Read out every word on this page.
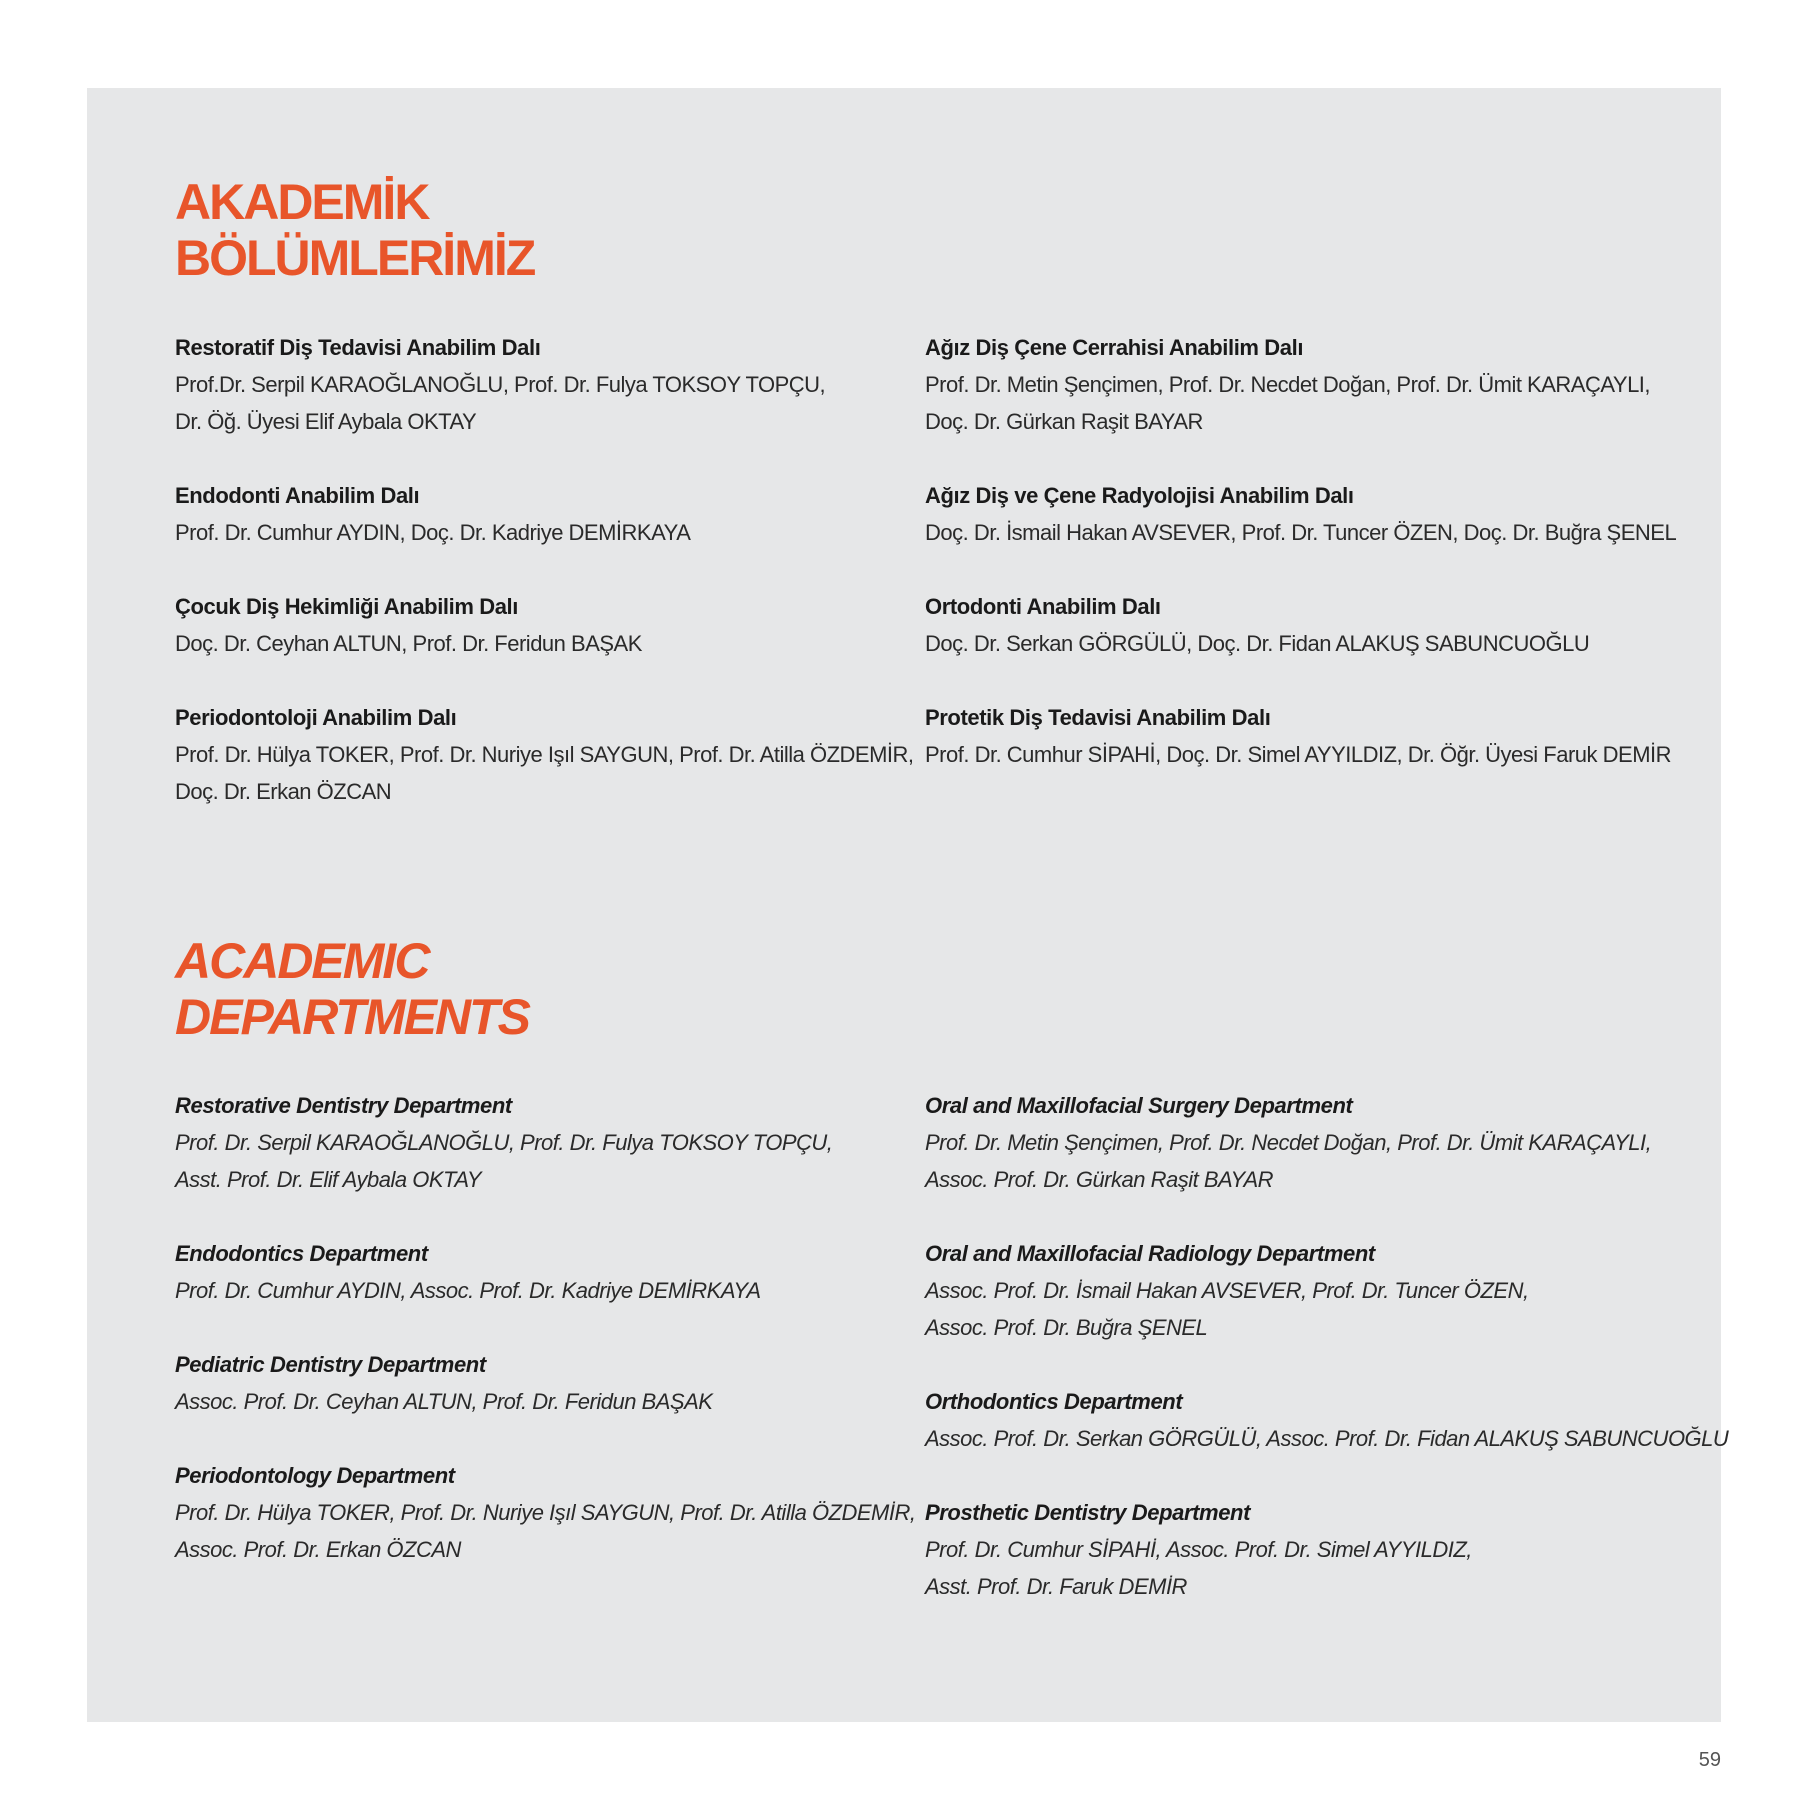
AKADEMİK
BÖLÜMLERİMİZ
Restoratif Diş Tedavisi Anabilim Dalı
Prof.Dr. Serpil KARAOĞLANOĞLU, Prof. Dr. Fulya TOKSOY TOPÇU,
Dr. Öğ. Üyesi Elif Aybala OKTAY
Endodonti Anabilim Dalı
Prof. Dr. Cumhur AYDIN, Doç. Dr. Kadriye DEMİRKAYA
Çocuk Diş Hekimliği Anabilim Dalı
Doç. Dr. Ceyhan ALTUN, Prof. Dr. Feridun BAŞAK
Periodontoloji Anabilim Dalı
Prof. Dr. Hülya TOKER, Prof. Dr. Nuriye Işıl SAYGUN, Prof. Dr. Atilla ÖZDEMİR,
Doç. Dr. Erkan ÖZCAN
Ağız Diş Çene Cerrahisi Anabilim Dalı
Prof. Dr. Metin Şençimen, Prof. Dr. Necdet Doğan, Prof. Dr. Ümit KARAÇAYLI,
Doç. Dr. Gürkan Raşit BAYAR
Ağız Diş ve Çene Radyolojisi Anabilim Dalı
Doç. Dr. İsmail Hakan AVSEVER, Prof. Dr. Tuncer ÖZEN, Doç. Dr. Buğra ŞENEL
Ortodonti Anabilim Dalı
Doç. Dr. Serkan GÖRGÜLÜ, Doç. Dr. Fidan ALAKUŞ SABUNCUOĞLU
Protetik Diş Tedavisi Anabilim Dalı
Prof. Dr. Cumhur SİPAHİ, Doç. Dr. Simel AYYILDIZ, Dr. Öğr. Üyesi Faruk DEMİR
ACADEMIC
DEPARTMENTS
Restorative Dentistry Department
Prof. Dr. Serpil KARAOĞLANOĞLU, Prof. Dr. Fulya TOKSOY TOPÇU,
Asst. Prof. Dr. Elif Aybala OKTAY
Endodontics Department
Prof. Dr. Cumhur AYDIN, Assoc. Prof. Dr. Kadriye DEMİRKAYA
Pediatric Dentistry Department
Assoc. Prof. Dr. Ceyhan ALTUN, Prof. Dr. Feridun BAŞAK
Periodontology Department
Prof. Dr. Hülya TOKER, Prof. Dr. Nuriye Işıl SAYGUN, Prof. Dr. Atilla ÖZDEMİR,
Assoc. Prof. Dr. Erkan ÖZCAN
Oral and Maxillofacial Surgery Department
Prof. Dr. Metin Şençimen, Prof. Dr. Necdet Doğan, Prof. Dr. Ümit KARAÇAYLI,
Assoc. Prof. Dr. Gürkan Raşit BAYAR
Oral and Maxillofacial Radiology Department
Assoc. Prof. Dr. İsmail Hakan AVSEVER, Prof. Dr. Tuncer ÖZEN,
Assoc. Prof. Dr. Buğra ŞENEL
Orthodontics Department
Assoc. Prof. Dr. Serkan GÖRGÜLÜ, Assoc. Prof. Dr. Fidan ALAKUŞ SABUNCUOĞLU
Prosthetic Dentistry Department
Prof. Dr. Cumhur SİPAHİ, Assoc. Prof. Dr. Simel AYYILDIZ,
Asst. Prof. Dr. Faruk DEMİR
59
